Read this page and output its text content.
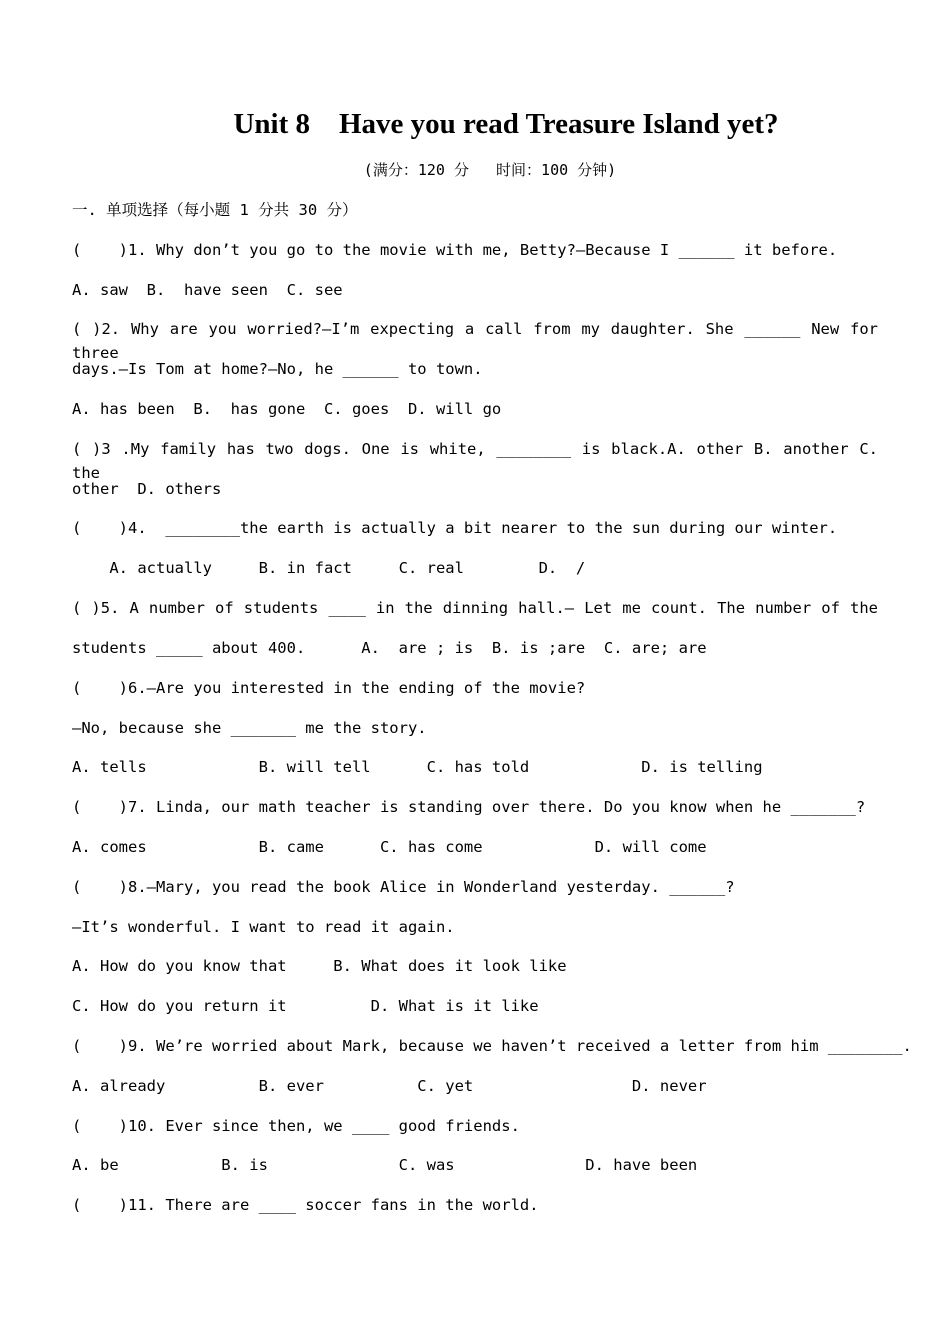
Unit 8    Have you read Treasure Island yet?
(满分：120 分   时间：100 分钟)
一. 单项选择（每小题 1 分共 30 分）
(    )1. Why don’t you go to the movie with me, Betty?—Because I ______ it before.
A. saw  B.  have seen  C. see
( )2. Why are you worried?—I’m expecting a call from my daughter. She ______ New for three
days.—Is Tom at home?—No, he ______ to town.
A. has been  B.  has gone  C. goes  D. will go
( )3 .My family has two dogs. One is white, ________ is black.A. other B. another C. the
other  D. others
(    )4.  ________the earth is actually a bit nearer to the sun during our winter.
A. actually     B. in fact     C. real        D.  /
( )5. A number of students ____ in the dinning hall.— Let me count. The number of the
students _____ about 400.      A.  are ; is  B. is ;are  C. are; are
(    )6.—Are you interested in the ending of the movie?
—No, because she _______ me the story.
A. tells            B. will tell      C. has told            D. is telling
(    )7. Linda, our math teacher is standing over there. Do you know when he _______?
A. comes            B. came      C. has come            D. will come
(    )8.—Mary, you read the book Alice in Wonderland yesterday. ______?
—It’s wonderful. I want to read it again.
A. How do you know that     B. What does it look like
C. How do you return it         D. What is it like
(    )9. We’re worried about Mark, because we haven’t received a letter from him ________.
A. already          B. ever          C. yet                 D. never
(    )10. Ever since then, we ____ good friends.
A. be           B. is              C. was              D. have been
(    )11. There are ____ soccer fans in the world.
